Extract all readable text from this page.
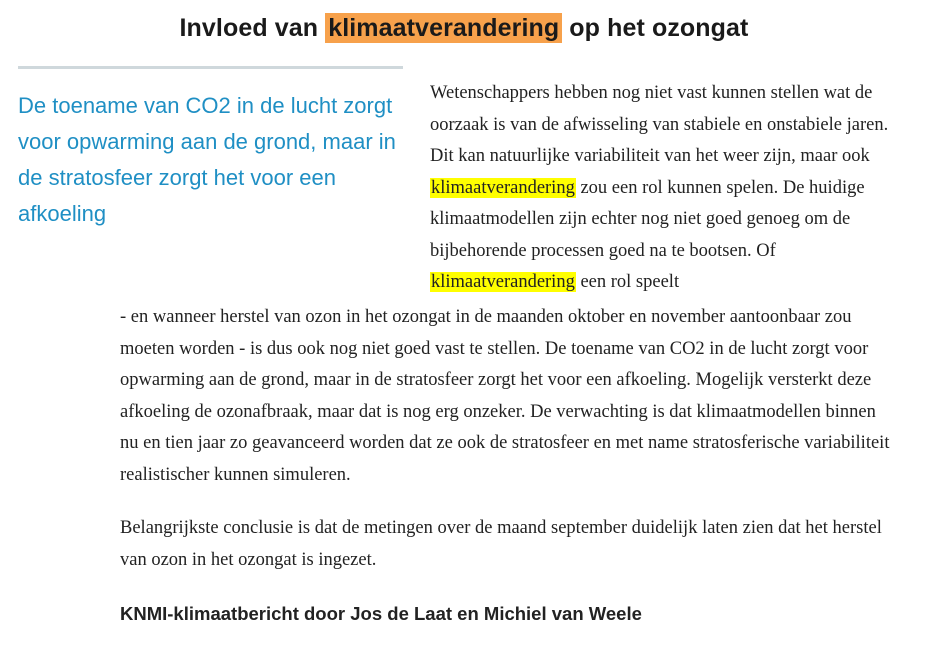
Invloed van klimaatverandering op het ozongat
De toename van CO2 in de lucht zorgt voor opwarming aan de grond, maar in de stratosfeer zorgt het voor een afkoeling
Wetenschappers hebben nog niet vast kunnen stellen wat de oorzaak is van de afwisseling van stabiele en onstabiele jaren. Dit kan natuurlijke variabiliteit van het weer zijn, maar ook klimaatverandering zou een rol kunnen spelen. De huidige klimaatmodellen zijn echter nog niet goed genoeg om de bijbehorende processen goed na te bootsen. Of klimaatverandering een rol speelt

- en wanneer herstel van ozon in het ozongat in de maanden oktober en november aantoonbaar zou moeten worden - is dus ook nog niet goed vast te stellen. De toename van CO2 in de lucht zorgt voor opwarming aan de grond, maar in de stratosfeer zorgt het voor een afkoeling. Mogelijk versterkt deze afkoeling de ozonafbraak, maar dat is nog erg onzeker. De verwachting is dat klimaatmodellen binnen nu en tien jaar zo geavanceerd worden dat ze ook de stratosfeer en met name stratosferische variabiliteit realistischer kunnen simuleren.

Belangrijkste conclusie is dat de metingen over de maand september duidelijk laten zien dat het herstel van ozon in het ozongat is ingezet.

KNMI-klimaatbericht door Jos de Laat en Michiel van Weele
